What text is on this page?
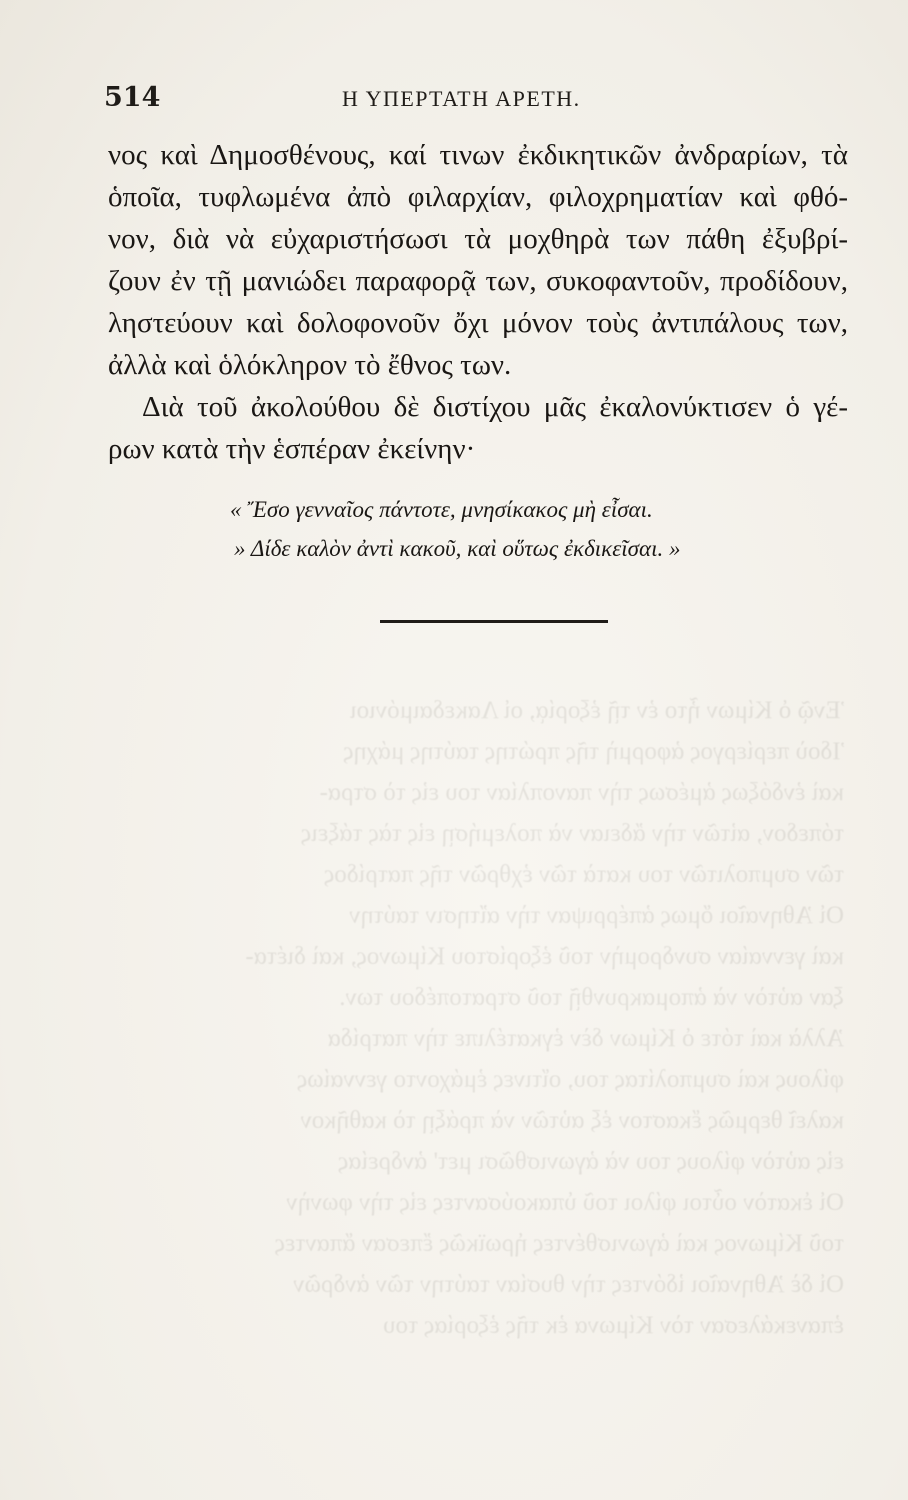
Ἐνῷ ὁ Κίμων ἦτο ἐν τῇ ἐξορίᾳ, οἱ Λακεδαιμόνιοι
Ἰδοὺ περίεργος ἀφορμὴ τῆς πρώτης ταύτης μάχης
καὶ ἐνδόξως ἀμέσως τὴν πανοπλίαν του εἰς τὸ στρα-
τόπεδον, αἰτῶν τὴν ἄδειαν νὰ πολεμήσῃ εἰς τὰς τάξεις
τῶν συμπολιτῶν του κατὰ τῶν ἐχθρῶν τῆς πατρίδος
Οἱ Ἀθηναῖοι ὅμως ἀπέρριψαν τὴν αἴτησιν ταύτην
καὶ γενναίαν συνδρομὴν τοῦ ἐξορίστου Κίμωνος, καὶ διέτα-
ξαν αὐτὸν νὰ ἀπομακρυνθῇ τοῦ στρατοπέδου των.
Ἀλλὰ καὶ τότε ὁ Κίμων δὲν ἐγκατέλιπε τὴν πατρίδα
φίλους καὶ συμπολίτας του, οἵτινες ἐμάχοντο γενναίως
καλεῖ θερμῶς ἕκαστον ἐξ αὐτῶν νὰ πράξῃ τὸ καθῆκον
εἰς αὐτὸν φίλους του νὰ ἀγωνισθῶσι μετ' ἀνδρείας
Οἱ ἑκατὸν οὗτοι φίλοι τοῦ ὑπακούσαντες εἰς τὴν φωνὴν
τοῦ Κίμωνος καὶ ἀγωνισθέντες ἡρωϊκῶς ἔπεσαν ἅπαντες
Οἱ δὲ Ἀθηναῖοι ἰδόντες τὴν θυσίαν ταύτην τῶν ἀνδρῶν
ἐπανεκάλεσαν τὸν Κίμωνα ἐκ τῆς ἐξορίας του
514	Η ΥΠΕΡΤΑΤΗ ΑΡΕΤΗ.
νος καὶ Δημοσθένους, καί τινων ἐκδικητικῶν ἀνδραρίων, τὰ
ὁποῖα, τυφλωμένα ἀπὸ φιλαρχίαν, φιλοχρηματίαν καὶ φθό-
νον, διὰ νὰ εὐχαριστήσωσι τὰ μοχθηρὰ των πάθη ἐξυβρί-
ζουν ἐν τῇ μανιώδει παραφορᾷ των, συκοφαντοῦν, προδίδουν,
ληστεύουν καὶ δολοφονοῦν ὄχι μόνον τοὺς ἀντιπάλους των,
ἀλλὰ καὶ ὁλόκληρον τὸ ἔθνος των.
Διὰ τοῦ ἀκολούθου δὲ διστίχου μᾶς ἐκαλονύκτισεν ὁ γέ-
ρων κατὰ τὴν ἑσπέραν ἐκείνην·
« Ἔσο γενναῖος πάντοτε, μνησίκακος μὴ εἶσαι.
» Δίδε καλὸν ἀντὶ κακοῦ, καὶ οὕτως ἐκδικεῖσαι. »
